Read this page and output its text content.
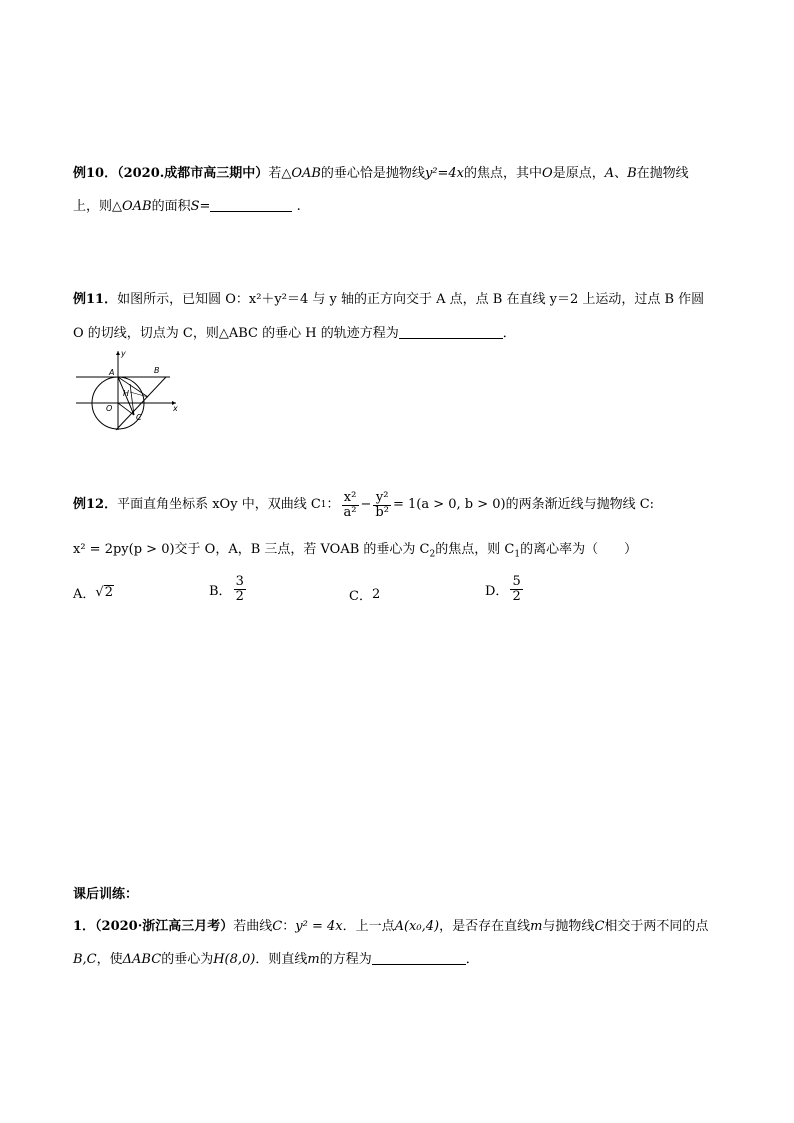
例10．（2020.成都市高三期中）若△OAB的垂心恰是抛物线y²=4x的焦点，其中O是原点，A、B在抛物线
上，则△OAB的面积S=	.
例11．如图所示，已知圆 O：x²＋y²＝4 与 y 轴的正方向交于 A 点，点 B 在直线 y＝2 上运动，过点 B 作圆
O 的切线，切点为 C，则△ABC 的垂心 H 的轨迹方程为	．
y
x
A	B
O
H
C
例12． 平面直角坐标系 xOy 中，双曲线 C 1 ： $\frac{\text{x²}}{\text{a²}} - \frac{\text{y²}}{\text{b²}} = 1(a > 0$, b > 0) 的两条渐近线与抛物线 C:
x² = 2py(p > 0)交于 O，A，B 三点，若 VOAB 的垂心为 $C_2$的焦点，则 $C_1$的离心率为（　　）
A． √ 2	B． $\frac{3}{2}$	C． 2	D． $\frac{5}{2}$
课后训练：
1．（2020·浙江高三月考）若曲线C：y² = 4x．上一点A(x₀,4)，是否存在直线m与抛物线C相交于两不同的点
B,C，使ΔABC的垂心为H(8,0)．则直线m的方程为	．
